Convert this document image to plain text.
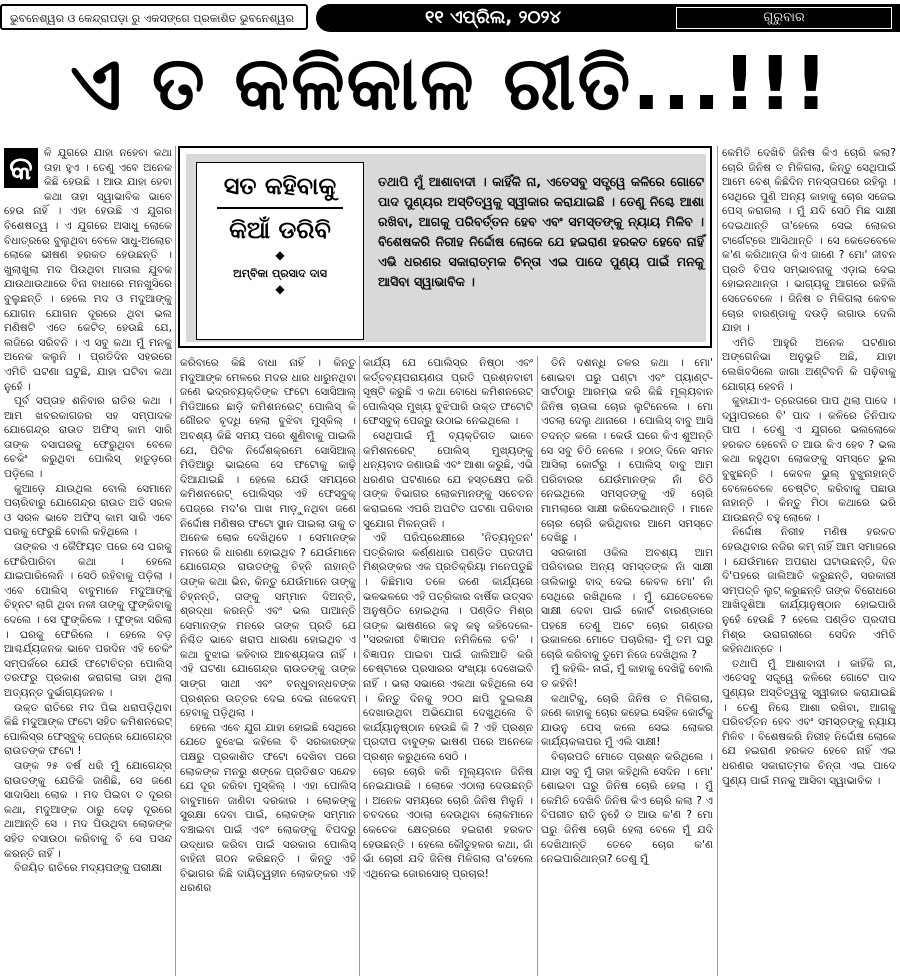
ଭୁବନେଶ୍ୱର ଓ କେନ୍ଦ୍ରାପଡ଼ା ରୁ ଏକସଙ୍ଗେ ପ୍ରକାଶିତ ଭୁବନେଶ୍ୱର	୧୧ ଏପ୍ରିଲ, ୨୦୨୪	ଗୁରୁବାର
ଏ ତ କଳିକାଳ ରୀତି...!!!
କ	ଳି ଯୁଗରେ ଯାହା ନହେବା କଥା ତାହା ହୁଏ । ତେଣୁ ଏବେ ଅନେକ କିଛି ହେଉଛି । ଆଉ ଯାହା ହେବା କଥା ତାହା ସ୍ୱାଭାବିକ ଭାବେ ହେଉ ନାହିଁ । ଏହା ହେଉଛି ଏ ଯୁଗର ବିଶେଷତ୍ୱ । ଏ ଯୁଗରେ ଅସାଧୁ ଲୋକେ ବିଧାତ୍ରରେ ବୁଲୁଥିବା ବେଳେ ସାଧୁ-ଅଲୋଚ ଲୋକେ ଭୀଷଣ ହରକତ ହେଉଛନ୍ତି । ଖୁଲାଖୁଲା ମଦ ପିଉଥିବା ମାତାଲ ଯୁବକ ଯାଉଥାଉଥାରେ ବିନା ବାଧାରେ ମନଖୁସିରେ ବୁଲୁଛନ୍ତି । ହେଲେ ମଦ ଓ ମଦୁଆଙ୍କୁ ଯୋଗନ ଯୋଗନ ଦୂରରେ ଥିବା ଭଲ ମଣିଷଟି ଏତେ କେଟିତ୍ ହେଉଛି ଯେ, ଲଜିରେ ସରିବନି । ଏ ସବୁ କଥା ମୁଁ ମନକୁ ଅନେକ କଲୁନି । ପ୍ରତିଦିନ ସହରରେ ଏମିତି ଘଟଣା ଘଟୁଛି, ଯାହା ଘଟିବା କଥା ନୁହେଁ ।

ପୂର୍ବ ସପ୍ତାହ ଶନିବାର ରାତିର କଥା । ଆମ ଖବରକାଗଜର ସହ ସମ୍ପାଦକ ଯୋଗେନ୍ଦ୍ର ରାଉତ ଅଫିସ୍ କାମ ସାରି ତାଙ୍କ ବସାଘରକୁ ଫେରୁଥିବା ବେଳେ ଚେକିଂ କରୁଥିବା ପୋଲିସ୍ ହାତୁଡ଼ରେ ପଡ଼ିଲେ ।

କୁଆଡ଼େ ଯାଉଥିଲ ବୋଲି ସେମାନେ ପଚାରିବାରୁ ଯୋଗେନ୍ଦ୍ର ରାଉତ ଅତି ସରଳ ଓ ସରଳ ଭାବେ ଅଫିସ୍ କାମ ସାରି ଏବେ ଘରକୁ ଫେରୁଛି ବୋଲି କହିଥିଲେ ।

ତାଙ୍କର ଏ କୈଫିୟତ ପରେ ସେ ଘରକୁ ଫେରିପାରିବା କଥା । ହେଲେ ଯାଇପାରିଲେନି । ସେଠି ରହିବାକୁ ପଡ଼ିଲା । ଏବେ ପୋଲିସ୍ ବାବୁମାନେ ମଦୁଆଙ୍କୁ ଚିହ୍ନଟ ଲାଗି ଥିବା ନଳୀ ତାଙ୍କୁ ଫୁଙ୍କିବାକୁ ଦେଲେ । ସେ ଫୁଙ୍କିଲେ । ଫୁଙ୍କା ସରିଲା । ଘରକୁ ଫେରିଲେ । ହେଲେ ବଡ଼ ଆଶ୍ଚର୍ଯ୍ୟଜନକ ଭାବେ ପରଦିନ ଏହି ଚେକିଂ ସମ୍ପର୍କରେ ଯେଉଁ ଫଟୋଚିତ୍ର ପୋଲିସ୍ ତରଫରୁ ପ୍ରକାଶ କରାଗଲା ତାହା ଥିଲା ଅତ୍ୟନ୍ତ ଦୁର୍ଭାଗ୍ୟଜନକ ।

ଉକ୍ତ ରାତିରେ ମଦ ପିଇ ଧରାପଡ଼ିଥିବା କିଛି ମଦୁଆଙ୍କ ଫଟୋ ସହିତ କମିଶନରେଟ୍ ପୋଲିସ୍‌ର ଫେସ୍‌ବୁକ୍ ପେଜ୍‌ରେ ଯୋଗେନ୍ଦ୍ର ରାଉତଙ୍କ ଫଟୋ !

ତାଙ୍କ ୨୫ ବର୍ଷ ଧରି ମୁଁ ଯୋଗେନ୍ଦ୍ର ରାଉତଙ୍କୁ ଯେତିକି ଜାଣିଛି, ସେ ଜଣେ ସାଦାସିଧା ଲୋକ । ମଦ ପିଇବା ତ ଦୂରର କଥା, ମଦୁଆଙ୍କ ଠାରୁ ଦେଢ଼ ଦୂରରେ ଥାଆନ୍ତି ସେ । ମଦ ପିଉଥିବା ଲୋକଙ୍କ ସହିତ ବସାଉଠା କରିବାକୁ ବି ସେ ପସନ୍ଦ କରନ୍ତି ନାହିଁ ।

ବିଜୟିତ ରାତିରେ ମଦ୍ୟପଙ୍କୁ ପରୀକ୍ଷା

ସତ କହିବାକୁ
କିଆଁ ଡରିବି
◆
ଅମ୍ବିକା ପ୍ରସାଦ ଦାସ
◆
ତଥାପି ମୁଁ ଆଶାବାଦୀ । କାହିଁକି ନା, ଏତେସବୁ ସତ୍ତ୍ୱେ କଳିରେ ଗୋଟେ ପାଦ ପୁଣ୍ୟର ଅସ୍ତିତ୍ୱକୁ ସ୍ୱୀକାର କରାଯାଇଛି । ତେଣୁ ନିଶ୍ଚେ ଆଶା ରଖିବା, ଆଗକୁ ପରିବର୍ତ୍ତନ ହେବ ଏବଂ ସମସ୍ତଙ୍କୁ ନ୍ୟାୟ ମିଳିବ । ବିଶେଷକରି ନିରୀହ ନିର୍ଦ୍ଦୋଷ ଲୋକେ ଯେ ହଇରାଣ ହରକତ ହେବେ ନାହିଁ ଏଭି ଧରଣର ସକାରାତ୍ମକ ଚିନ୍ତା ଏଇ ପାଦେ ପୁଣ୍ୟ ପାଇଁ ମନକୁ ଆସିବା ସ୍ୱାଭାବିକ ।

କରିବାରେ କିଛି ବାଧା ନାହିଁ । କିନ୍ତୁ ମଦୁଆଙ୍କ ମେଳରେ ମଦର ଧାର ଧାରୁନଥିବା ଜଣେ ଭଦ୍ରବ୍ୟକ୍ତିଙ୍କ ଫଟୋ ସୋସିଆଲ୍ ମିଡିଆରେ ଛାଡ଼ି କମିଶନରେଟ୍ ପୋଲିସ୍ କି ଗୌରବ ବୃଦ୍ଧି ହେଲା ବୁଝିବା ମୁସ୍କିଲ୍ । ଅବଶ୍ୟ କିଛି ସମୟ ପରେ ଶୁଣିବାକୁ ପାଇଲି ଯେ, ପିଟିକ ନିର୍ଦ୍ଦେଶକ୍ରମେ ସୋସିଆଲ୍ ମିଡିଆରୁ ଭାଇଲେ ସେ ଫଟୋକୁ କାଢ଼ି ଦିଆଯାଇଛି । ହେଲେ ଯେଉଁ ସମୟରେ କମିଶନରେଟ୍ ପୋଲିସ୍‌ର ଏହି ଫେସ୍‌ବୁକ୍ ପେଜ୍‌ରେ ମଦ'ର ପାଖ ମାଡ଼ୁନଥିବା ଜଣେ ନିର୍ଦ୍ଦୋଷ ମଣିଷର ଫଟୋ ସ୍ଥାନ ପାଇଲା ତାକୁ ତ ଅନେକ ଲୋକ ଦେଖିଥିବେ । ସେମାନଙ୍କ ମନରେ କି ଧାରଣା ହୋଇଥିବ ? ଯେଉଁମାନେ ଯୋଗେନ୍ଦ୍ର ରାଉତଙ୍କୁ ଚିହ୍ନି ନାହାନ୍ତି ତାଙ୍କ କଥା ଭିନ, କିନ୍ତୁ ଯେଉଁମାନେ ତାଙ୍କୁ ଚିହ୍ନନ୍ତି, ତାଙ୍କୁ ସମ୍ମାନ ଦିଅନ୍ତି, ଶ୍ରଦ୍ଧା କରନ୍ତି ଏବଂ ଭଲ ପାଆନ୍ତି ସେମାନଙ୍କ ମନରେ ତାଙ୍କ ପ୍ରତି ଯେ ନିଶ୍ଚିତ ଭାବେ ଖରାପ ଧାରଣା ହୋଇଥିବ ଏ କଥା ବୁଝାଇ କହିବାର ଆବଶ୍ୟକତା ନାହିଁ । ଏହି ଘଟଣା ଯୋଗେନ୍ଦ୍ର ରାଉତଙ୍କୁ ତାଙ୍କ ସାଙ୍ଗ ସାଥୀ ଏବଂ ବନ୍ଧୁବାନ୍ଧବଙ୍କ ପ୍ରଶ୍ନର ଉତ୍ତର ଦେଇ ଦେଇ ନାକେଦମ୍ ହେବାକୁ ପଡ଼ିଥିଲା ।

ହେଲେ ଏବେ ଯୁଗ ଯାହା ହୋଇଛି ସେଥିରେ ଯେତେ ବୁଝେଇ କହିଲେ ବି ସରକାରଙ୍କ ପକ୍ଷରୁ ପ୍ରକାଶିତ ଫଟୋ ଦେଖିବା ପରେ ଲୋକଙ୍କ ମନରୁ ଶଙ୍କେ ପ୍ରତିଶତ ସନ୍ଦେହ ଯେ ଦୂର କରିବା ମୁସ୍କିଲ୍ । ଏହା ପୋଲିସ୍ ବାବୁମାନେ ଜାଣିବା ଦରକାର । ଲୋକଙ୍କୁ ସୁରକ୍ଷା ଦେବା ପାଇଁ, ଲୋକଙ୍କ ସମ୍ମାନ ବଞ୍ଚାଇବା ପାଇଁ ଏବଂ ଲୋକଙ୍କୁ ବିପଦରୁ ଉଦ୍ଧାର କରିବା ପାଇଁ ସରକାର ପୋଲିସ୍ ବାହିନୀ ଗଠନ କରିଛନ୍ତି । କିନ୍ତୁ ଏହି ବିଭାଗର କିଛି ଦାୟିତ୍ୱହୀନ ଲୋକଙ୍କର ଏହି ଧରଣର

କାର୍ଯ୍ୟ ଯେ ପୋଲିସ୍‌ର ନିଷ୍ଠା ଏବଂ କର୍ତ୍ତବ୍ୟପରାୟଣତା ପ୍ରତି ପ୍ରଶ୍ନବାଚୀ ସୃଷ୍ଟି କରୁଛି ଏ କଥା ବୋଧେ କମିଶନରେଟ୍ ପୋଲିସ୍‌ର ମୁଖ୍ୟ ବୁଝିପାରି ଉକ୍ତ ଫଟୋଟି ଫେସ୍‌ବୁକ୍ ପେଜ୍‌ରୁ ଉଠାଇ ନେଇଥିଲେ ।

ସେଥିପାଇଁ ମୁଁ ବ୍ୟକ୍ତିଗତ ଭାବେ କମିଶନରେଟ୍ ପୋଲିସ୍ ମୁଖ୍ୟଙ୍କୁ ଧନ୍ୟବାଦ ଜଣାଉଛି ଏବଂ ଆଶା କରୁଛି, ଏଭି ଧରଣର ଘଟଣାରେ ଯେ ହସ୍ତକ୍ଷେପ କରି ତାଙ୍କ ବିଭାଗର ଲୋକମାନଙ୍କୁ ସଚେତନ କରାଇଲେ ଏପରି ଅଘଟିତ ଘଟଣା ପରିବାର ସୁଯୋଗ ମିଳନ୍ତାନି ।

ଏହି ପରିପ୍ରେକ୍ଷୀରେ 'ନିତ୍ୟନୂତନ' ପତ୍ରିକାର କର୍ଣ୍ଣଧାର ପଣ୍ଡିତ ପ୍ରଦୀପ ମିଶ୍ରଙ୍କର ଏକ ପ୍ରତିକ୍ରିୟା ମନେପଡୁଛି । କିଛିମାସ ତଳେ ଜଣେ କାର୍ଯ୍ୟରେ ଭଳଭଳରେ ଏହି ପତ୍ରିକାର ବାର୍ଷିକ ଉତ୍ସବ ଅନୁଷ୍ଠିତ ହୋଇଥିଲା । ପଣ୍ଡିତ ମିଶ୍ର ତାଙ୍କ ଭାଷଣରେ କହୁ କହୁ କହିଦେଲେ- ''ସରକାରୀ ବିଜ୍ଞାପନ ନମିଳିଲେ ଚଳି' । ବିଜ୍ଞାପନ ପାଇବା ପାଇଁ ଜାଲିଆତି କରି ଚେଷ୍ଟାରେ ପ୍ରସାରର ସଂଖ୍ୟା ଦେଖେଇବି ନାହିଁ । ଭଲା ସଭାରେ ଏକଥା କହିଥିଲେ ସେ । କିନ୍ତୁ ଦିନକୁ ୨୦୦ ଛାପି ଦୁଇଲକ୍ଷ ଦେଖାଉଥିବା ଅଭିଯୋଗ ଦେଖୁଥିଲେ ବି କାର୍ଯ୍ୟାନୁଷ୍ଠାନ ହେଉଛି କି ? ଏହି ପ୍ରଶ୍ନ ପ୍ରଦୀପ ବାବୁଙ୍କ ଭାଷଣ ପରେ ଅନେକେ ପ୍ରଶ୍ନ କରୁଥିଲେ ସେଠି ।

ଚୋର ଚୋରି କରି ମୂଲ୍ୟବାନ ଜିନିଷ ନେଇଯାଉଛି । ଲୋକେ ଏଠାଲା ଦେଉଛନ୍ତି । ଅନେକ ସମୟରେ ଚୋରି ଜିନିଷ ମିଳୁନି । ଚବଦରେ ଏଠାଲା ଦେଉଥିବା ଲୋକମାନେ କେତେକ କ୍ଷେତ୍ରରେ ହଇରାଣ ହରକତ ହେଉଛନ୍ତି । ହେଲେ କୌତୁହଳର କଥା, ଜାଁ ଭାଁ ଚୋରୀ ଯଦି ଜିନିଷ ମିଳିଗଲା ତା'ହେଲେ ଏଥିନେଇ ଜୋରସୋର୍ ପ୍ରଚାର!

ତିନି ଦଶନ୍ଧି ତଳର କଥା । ମୋ' ଶୋଇବା ଘରୁ ଘଣ୍ଟା ଏବଂ ପ୍ୟାଣ୍ଟ-ସାର୍ଟଠାରୁ ଆରମ୍ଭ କରି କିଛି ମୂଲ୍ୟବାନ ଜିନିଷ ଚାଉଳା ଚୋର ଲୁଟିନେଲେ । ମୋ ଏତଲା ଦେଲୁ ଥାନାରେ । ପୋଲିସ୍ ବାବୁ ଆସି ତଦନ୍ତ କଲେ । କେଉଁ ଘରେ କିଏ ଶୁଅନ୍ତି ସେ ସବୁ ଚିଠି ନେଲେ । ହଠାତ୍ ଦିନେ ସମନ ଆସିଲା କୋର୍ଟରୁ । ପୋଲିସ୍ ବାବୁ ଆମ ପରିବାରର ଯେଉଁମାନଙ୍କ ନାଁ ଚିଠି ନେଇଥିଲେ ସମସ୍ତଙ୍କୁ ଏହି ଚୋରି ମାମଲାରେ ସାକ୍ଷୀ କରିଦେଇଥାନ୍ତି । ମାନେ ଚୋର ଚୋରି କରିଥିବାର ଆମେ ସମସ୍ତେ ଦେଖିଛୁ ।

ସରକାରୀ ଓକିଲ ଅବଶ୍ୟ ଆମ ପରିବାରର ଅନ୍ୟ ସମସ୍ତଙ୍କ ନାଁ ସାକ୍ଷୀ ତାଲିକାରୁ ବାଦ୍ ଦେଇ କେବଳ ମୋ' ନାଁ ସେଥିରେ ରଖିଥିଲେ । ମୁଁ ଯେତେବେଳେ ସାକ୍ଷୀ ଦେବା ପାଇଁ କୋର୍ଟ ବାରଣ୍ଡାରେ ପହଞ୍ଚେ ତେଣୁ ଅଟେ ଚୋର ଗଣ୍ଡର ଉକାଳରେ ମୋତେ ପଚାରିଲା- ମୁଁ ତମ ଘରୁ ଚୋରି କରିବାକୁ ତୁମେ ନିଜେ ଦେଖିଥିଲ ?

ମୁଁ କହିଲି- ନାଇଁ, ମୁଁ କାହାକୁ ଦେଖିନ୍ଥି ବୋଲି ତ କହିନି!

କଥାଟିକୁ, ଚୋରି ଜିନିଷ ତ ମିଳିଗଲା, ଜଣେ କାହାକୁ ଚୋର କହେଇ ସେହିଳ କୋର୍ଟକୁ ଯାଉନୁ ପେସ୍ କଲେ ସେଇ ଲୋକର କାର୍ଯ୍ୟକଳାପର ମୁଁ ଏଲି ସାକ୍ଷୀ!

ବିଚାରପତି ମୋତେ ପ୍ରଶ୍ନ କରିଥିଲେ । ଯାହା ସବୁ ମୁଁ ତାହା କହିଥିଲି ସେଦିନ । ମୋ' ଶୋଇବା ଘରୁ ଜିନିଷ ଚୋରି ହେଲା । ମୁଁ କେମିତି ଦେଖିବି ଜିନିଷ କିଏ ଚୋରି କଲା ? ଏ ବିପରୀତ ରାତି ନୁହେଁ ତ ଆଉ କ'ଣ ? ମୋ ଘରୁ ଜିନିଷ ଚୋରି ହେଲା ବେଳେ ମୁଁ ଯଦି ଦେଖିଥାନ୍ତି ତେବେ ଚୋର କ'ଣ ନେଇପାରିଥାନ୍ତା? ତେଣୁ ମୁଁ

କେମିତି ଦେଖିବି ଜିନିଷ କିଏ ଚୋରି କଲା? ଚୋରି ଜିନିଷ ତ ମିଳିଗଲା, କିନ୍ତୁ ସେଥିପାଇଁ ଆମେ ବେଶ୍ କିଛିଦିନ ମନସ୍ତାପରେ ରହିଲୁ । ସେଥିରେ ପୁଣି ଅନ୍ୟ କାହାକୁ ଚୋର ସଜେଇ ପେସ୍ କରାଗଲା । ମୁଁ ଯଦି ସେଠି ମିଛ ସାକ୍ଷୀ ଦେଇଥାନ୍ତି ତା'ହେଲେ ସେଇ ଲୋକର ଟାର୍ଗେଟ୍‌ରେ ଆସିଥାନ୍ତି । ସେ କେତେବେଳେ କ'ଣ କରିଥାନ୍ତା କିଏ ଜାଣେ ? ମୋ' ଜୀବନ ପ୍ରତି ବିପଦ ସମ୍ଭାବନାକୁ ଏଡ଼ାଇ ଦେଇ ହୋଇନଥାନ୍ତା । ଭାଗ୍ୟକୁ ଆଗରେ ରହିଲି ସେତେବେଳେ । ଜିନିଷ ତ ମିଳିଗଲା କେବଳ ଚୋର ବାରଣ୍ଡାକୁ ଦଉଡ଼ି ଲଗାଉ ଦେଲି ଯାହା ।

ଏମିତି ଆହୁରି ଅନେକ ଘଟଣାର ଅଙ୍ଗେନିଭା ଅନୁଭୂତି ଅଛି, ଯାହା ଲେଖିବସିଲେ ଜାଗା ଅଣ୍ଟିବନି କି ପଢ଼ିବାକୁ ଯୋଗ୍ୟ ହେବନି ।

କୁହାଯାଏ- ତ୍ରେତାରେ ପାପ ଥିଲା ପାଦେ । ଦ୍ୱାପରରେ ବି' ପାଦ । କଳିରେ ତିନିପାଦ ପାପ । ତେଣୁ ଏ ଯୁଗରେ ଭଲଲୋକେ ହରକତ ହେବେନି ତ ଆଉ କିଏ ହେବ ? ଭଲ କଥା କହୁଥିବା ଲୋକଙ୍କୁ ସମସ୍ତେ ଭୁଲ ବୁଝୁଛନ୍ତି । କେବଳ ଭୁଲ୍ ବୁଝୁନାହାନ୍ତି ବେଳେବେଳେ ଚେଷ୍ଟିତ୍ କରିବାକୁ ପଛାଉ ନାହାନ୍ତି । କିନ୍ତୁ ମିଠା କଥାରେ ଭରି ଯାଉଛନ୍ତି ବହୁ ଲୋକେ ।

ନିର୍ଦ୍ଦୋଷ ନିରୀହ ମଣିଷ ହରକତ ହେଉଥିବାର ନଜିର କମ୍ ନାହିଁ ଆମ ସମାଜରେ । ଯେଉଁମାନେ ଅପରାଧ ଘଟାଉଛନ୍ତି, ଦିନ ଦି'ପହରେ ଜାଲିଆତି କରୁଛନ୍ତି, ସରକାରୀ ସମ୍ପତ୍ତି ଲୁଟ୍ କରୁଛନ୍ତି ତାଙ୍କ ବିରୋଧରେ ଆଖିଦୃଶିଆ କାର୍ଯ୍ୟାନୁଷ୍ଠାନ ହୋଇପାରି ନୁହେଁ ହେଉଛି ? ହେଲେ ପଣ୍ଡିତ ପ୍ରଦୀପ ମିଶ୍ର ଉରାଗରୀରେ ସେଦିନ ଏମିତି କହିନଥାନ୍ତେ ।

ତଥାପି ମୁଁ ଆଶାବାଦୀ । କାହିଁକି ନା, ଏତେସବୁ ସତ୍ତ୍ୱେ କଳିରେ ଗୋଟେ ପାଦ ପୁଣ୍ୟର ଅସ୍ତିତ୍ୱକୁ ସ୍ୱୀକାର କରାଯାଇଛି । ତେଣୁ ନିଶ୍ଚେ ଆଶା ରଖିବା, ଆଗକୁ ପରିବର୍ତ୍ତନ ହେବ ଏବଂ ସମସ୍ତଙ୍କୁ ନ୍ୟାୟ ମିଳିବ । ବିଶେଷକରି ନିରୀହ ନିର୍ଦ୍ଦୋଷ ଲୋକେ ଯେ ହଇରାଣ ହରକତ ହେବେ ନାହିଁ ଏଇ ଧରଣର ସକାରାତ୍ମକ ଚିନ୍ତା ଏଇ ପାଦେ ପୁଣ୍ୟ ପାଇଁ ମନକୁ ଆସିବା ସ୍ୱାଭାବିକ ।
